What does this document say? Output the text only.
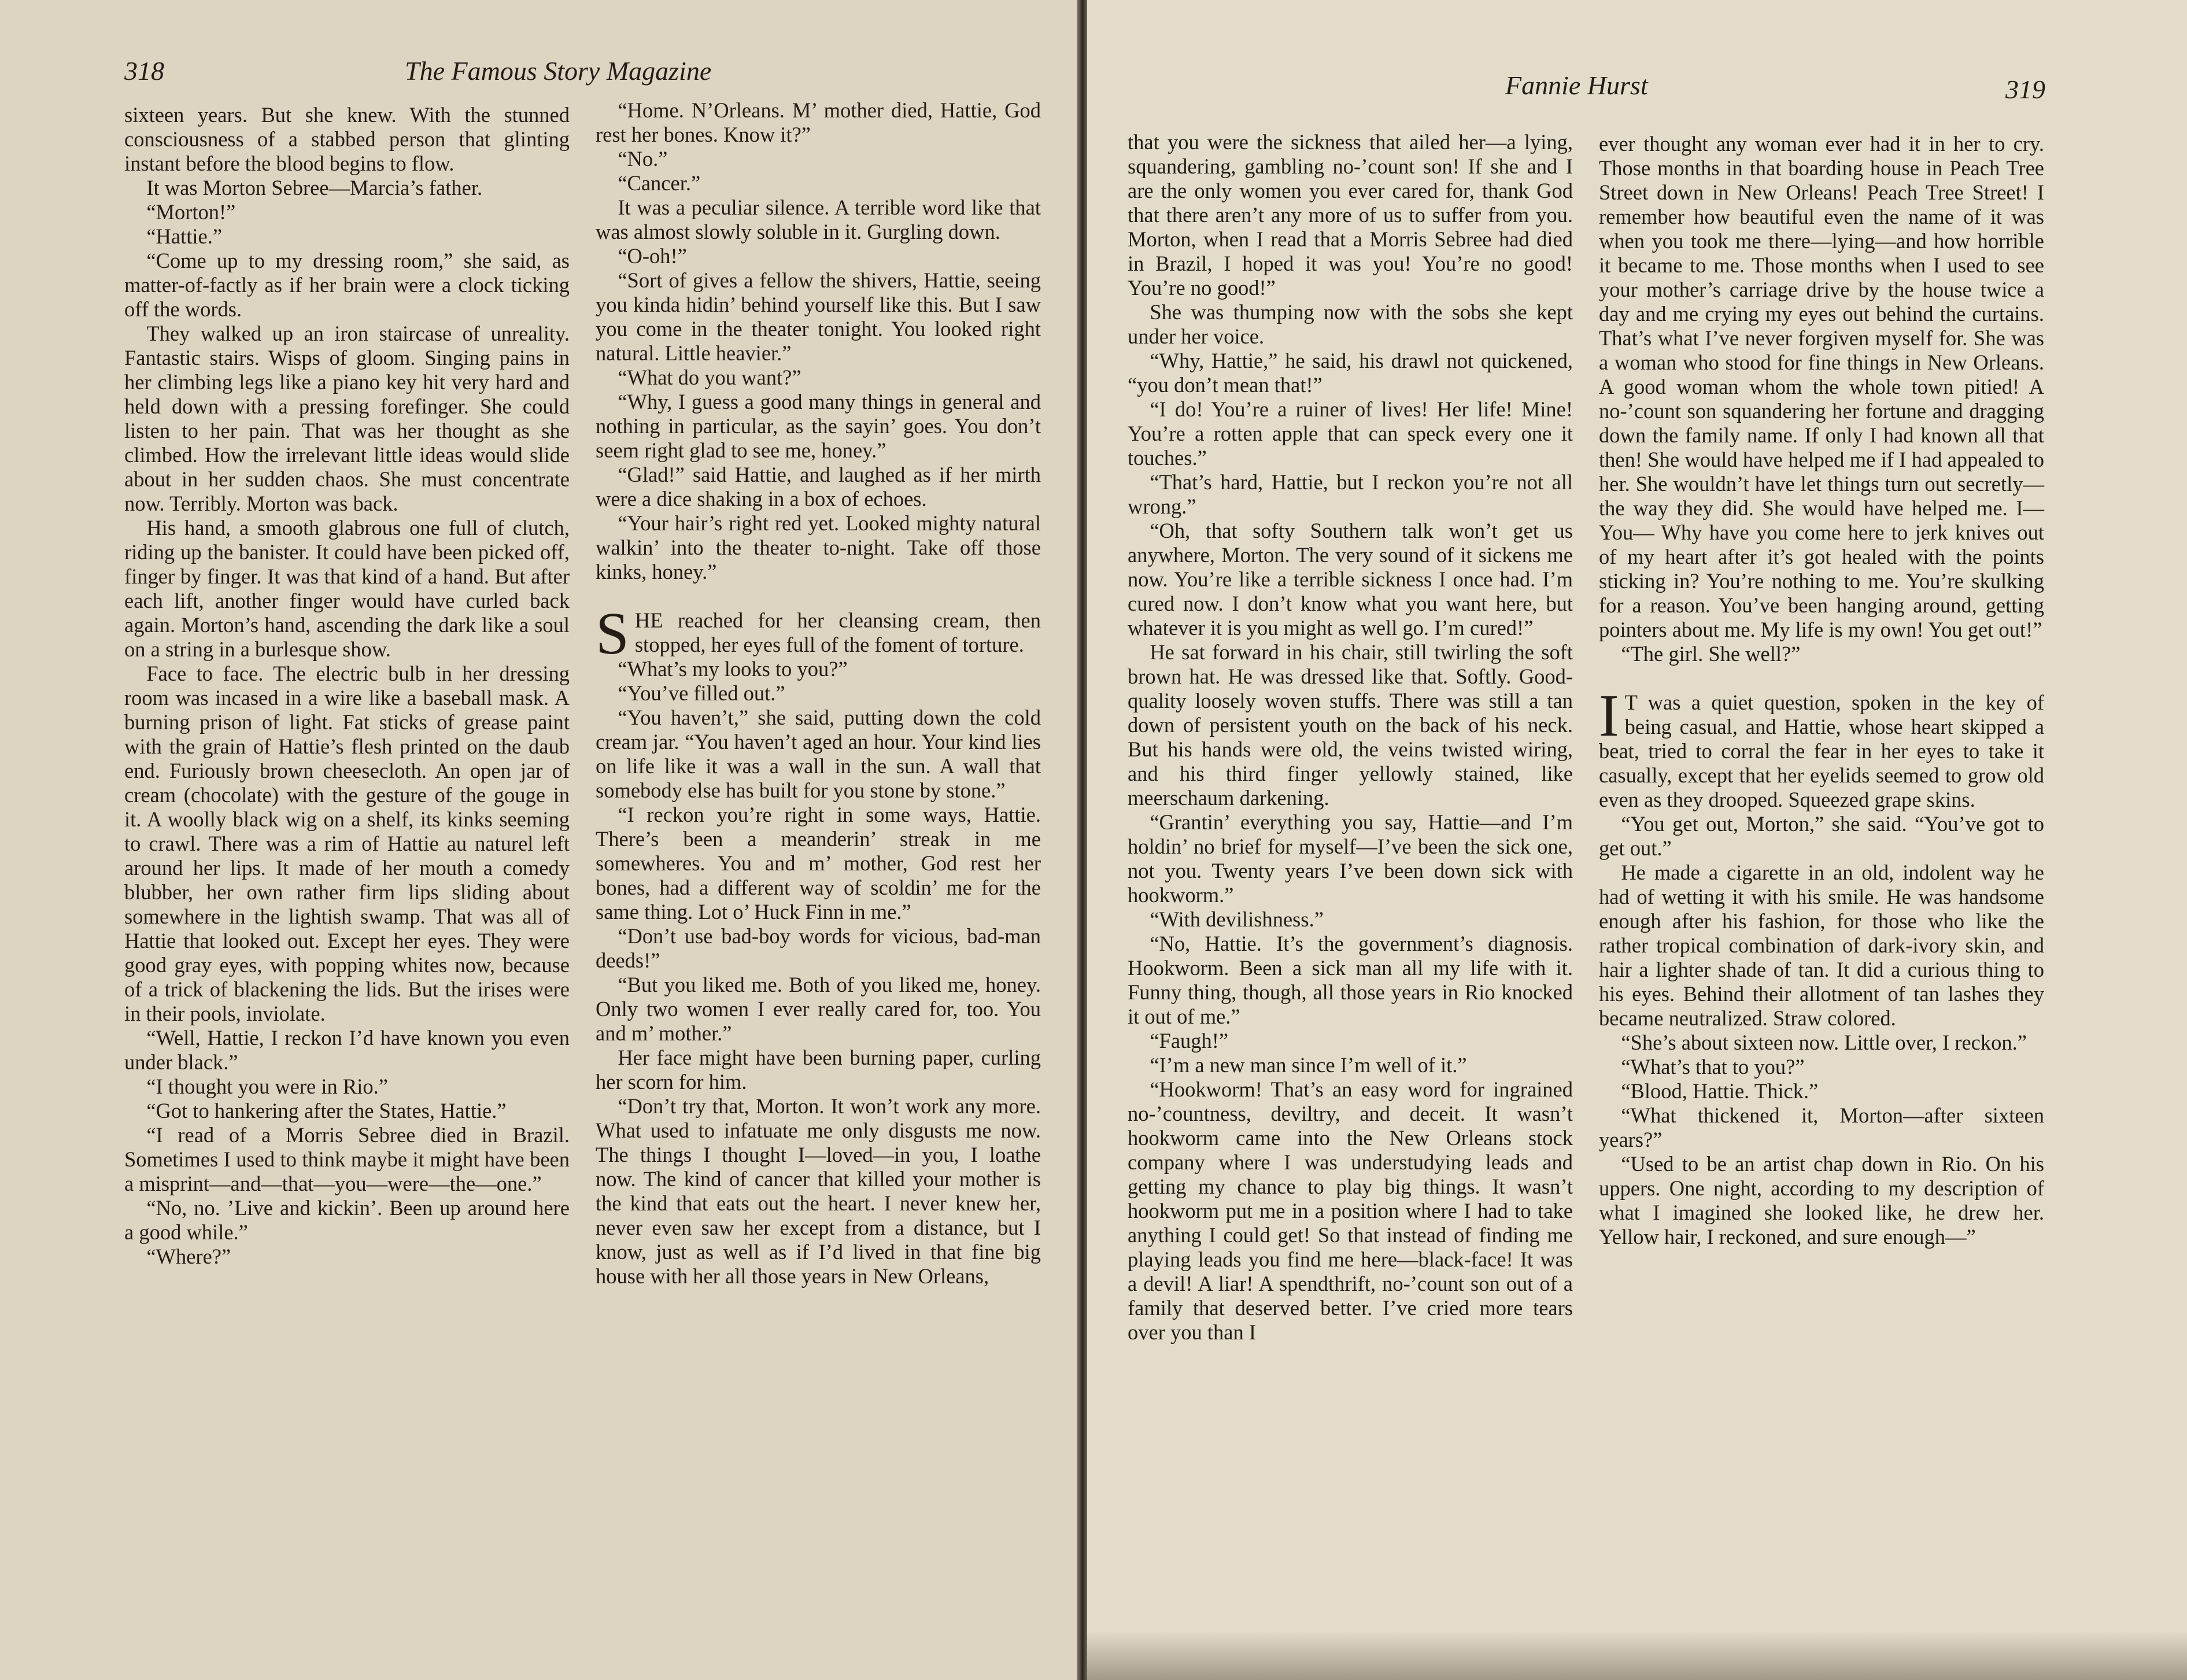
318	The Famous Story Magazine

sixteen years. But she knew. With the stunned consciousness of a stabbed person that glinting instant before the blood begins to flow.

It was Morton Sebree—Marcia’s father.

“Morton!”

“Hattie.”

“Come up to my dressing room,” she said, as matter-of-factly as if her brain were a clock ticking off the words.

They walked up an iron staircase of unreality. Fantastic stairs. Wisps of gloom. Singing pains in her climbing legs like a piano key hit very hard and held down with a pressing forefinger. She could listen to her pain. That was her thought as she climbed. How the irrelevant little ideas would slide about in her sudden chaos. She must concentrate now. Terribly. Morton was back.

His hand, a smooth glabrous one full of clutch, riding up the banister. It could have been picked off, finger by finger. It was that kind of a hand. But after each lift, another finger would have curled back again. Morton’s hand, ascending the dark like a soul on a string in a burlesque show.

Face to face. The electric bulb in her dressing room was incased in a wire like a baseball mask. A burning prison of light. Fat sticks of grease paint with the grain of Hattie’s flesh printed on the daub end. Furiously brown cheesecloth. An open jar of cream (chocolate) with the gesture of the gouge in it. A woolly black wig on a shelf, its kinks seeming to crawl. There was a rim of Hattie au naturel left around her lips. It made of her mouth a comedy blubber, her own rather firm lips sliding about somewhere in the lightish swamp. That was all of Hattie that looked out. Except her eyes. They were good gray eyes, with popping whites now, because of a trick of blackening the lids. But the irises were in their pools, inviolate.

“Well, Hattie, I reckon I’d have known you even under black.”

“I thought you were in Rio.”

“Got to hankering after the States, Hattie.”

“I read of a Morris Sebree died in Brazil. Sometimes I used to think maybe it might have been a misprint—and—that—you—were—the—one.”

“No, no. ’Live and kickin’. Been up around here a good while.”

“Where?”

“Home. N’Orleans. M’ mother died, Hattie, God rest her bones. Know it?”

“No.”

“Cancer.”

It was a peculiar silence. A terrible word like that was almost slowly soluble in it. Gurgling down.

“O-oh!”

“Sort of gives a fellow the shivers, Hattie, seeing you kinda hidin’ behind yourself like this. But I saw you come in the theater tonight. You looked right natural. Little heavier.”

“What do you want?”

“Why, I guess a good many things in general and nothing in particular, as the sayin’ goes. You don’t seem right glad to see me, honey.”

“Glad!” said Hattie, and laughed as if her mirth were a dice shaking in a box of echoes.

“Your hair’s right red yet. Looked mighty natural walkin’ into the theater to-night. Take off those kinks, honey.”

SHE reached for her cleansing cream, then stopped, her eyes full of the foment of torture.

“What’s my looks to you?”

“You’ve filled out.”

“You haven’t,” she said, putting down the cold cream jar. “You haven’t aged an hour. Your kind lies on life like it was a wall in the sun. A wall that somebody else has built for you stone by stone.”

“I reckon you’re right in some ways, Hattie. There’s been a meanderin’ streak in me somewheres. You and m’ mother, God rest her bones, had a different way of scoldin’ me for the same thing. Lot o’ Huck Finn in me.”

“Don’t use bad-boy words for vicious, bad-man deeds!”

“But you liked me. Both of you liked me, honey. Only two women I ever really cared for, too. You and m’ mother.”

Her face might have been burning paper, curling her scorn for him.

“Don’t try that, Morton. It won’t work any more. What used to infatuate me only disgusts me now. The things I thought I—loved—in you, I loathe now. The kind of cancer that killed your mother is the kind that eats out the heart. I never knew her, never even saw her except from a distance, but I know, just as well as if I’d lived in that fine big house with her all those years in New Orleans,

Fannie Hurst	319

that you were the sickness that ailed her—a lying, squandering, gambling no-’count son! If she and I are the only women you ever cared for, thank God that there aren’t any more of us to suffer from you. Morton, when I read that a Morris Sebree had died in Brazil, I hoped it was you! You’re no good! You’re no good!”

She was thumping now with the sobs she kept under her voice.

“Why, Hattie,” he said, his drawl not quickened, “you don’t mean that!”

“I do! You’re a ruiner of lives! Her life! Mine! You’re a rotten apple that can speck every one it touches.”

“That’s hard, Hattie, but I reckon you’re not all wrong.”

“Oh, that softy Southern talk won’t get us anywhere, Morton. The very sound of it sickens me now. You’re like a terrible sickness I once had. I’m cured now. I don’t know what you want here, but whatever it is you might as well go. I’m cured!”

He sat forward in his chair, still twirling the soft brown hat. He was dressed like that. Softly. Good-quality loosely woven stuffs. There was still a tan down of persistent youth on the back of his neck. But his hands were old, the veins twisted wiring, and his third finger yellowly stained, like meerschaum darkening.

“Grantin’ everything you say, Hattie—and I’m holdin’ no brief for myself—I’ve been the sick one, not you. Twenty years I’ve been down sick with hookworm.”

“With devilishness.”

“No, Hattie. It’s the government’s diagnosis. Hookworm. Been a sick man all my life with it. Funny thing, though, all those years in Rio knocked it out of me.”

“Faugh!”

“I’m a new man since I’m well of it.”

“Hookworm! That’s an easy word for ingrained no-’countness, deviltry, and deceit. It wasn’t hookworm came into the New Orleans stock company where I was understudying leads and getting my chance to play big things. It wasn’t hookworm put me in a position where I had to take anything I could get! So that instead of finding me playing leads you find me here—black-face! It was a devil! A liar! A spendthrift, no-’count son out of a family that deserved better. I’ve cried more tears over you than I

ever thought any woman ever had it in her to cry. Those months in that boarding house in Peach Tree Street down in New Orleans! Peach Tree Street! I remember how beautiful even the name of it was when you took me there—lying—and how horrible it became to me. Those months when I used to see your mother’s carriage drive by the house twice a day and me crying my eyes out behind the curtains. That’s what I’ve never forgiven myself for. She was a woman who stood for fine things in New Orleans. A good woman whom the whole town pitied! A no-’count son squandering her fortune and dragging down the family name. If only I had known all that then! She would have helped me if I had appealed to her. She wouldn’t have let things turn out secretly—the way they did. She would have helped me. I— You— Why have you come here to jerk knives out of my heart after it’s got healed with the points sticking in? You’re nothing to me. You’re skulking for a reason. You’ve been hanging around, getting pointers about me. My life is my own! You get out!”

“The girl. She well?”

IT was a quiet question, spoken in the key of being casual, and Hattie, whose heart skipped a beat, tried to corral the fear in her eyes to take it casually, except that her eyelids seemed to grow old even as they drooped. Squeezed grape skins.

“You get out, Morton,” she said. “You’ve got to get out.”

He made a cigarette in an old, indolent way he had of wetting it with his smile. He was handsome enough after his fashion, for those who like the rather tropical combination of dark-ivory skin, and hair a lighter shade of tan. It did a curious thing to his eyes. Behind their allotment of tan lashes they became neutralized. Straw colored.

“She’s about sixteen now. Little over, I reckon.”

“What’s that to you?”

“Blood, Hattie. Thick.”

“What thickened it, Morton—after sixteen years?”

“Used to be an artist chap down in Rio. On his uppers. One night, according to my description of what I imagined she looked like, he drew her. Yellow hair, I reckoned, and sure enough—”
